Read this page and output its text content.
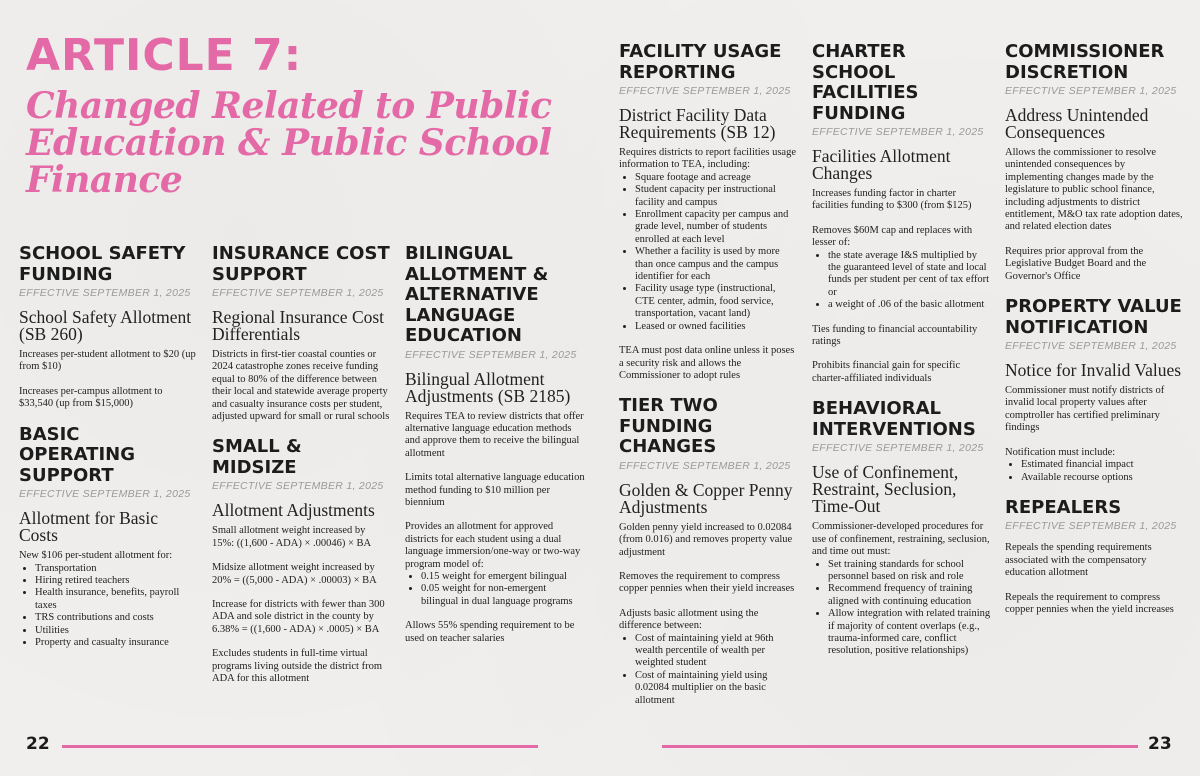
ARTICLE 7:
Changed Related to Public Education & Public School Finance
SCHOOL SAFETY FUNDING
EFFECTIVE SEPTEMBER 1, 2025
School Safety Allotment (SB 260)

Increases per-student allotment to $20 (up from $10)

Increases per-campus allotment to $33,540 (up from $15,000)

BASIC OPERATING SUPPORT
EFFECTIVE SEPTEMBER 1, 2025
Allotment for Basic Costs

New $106 per-student allotment for:

• Transportation
• Hiring retired teachers
• Health insurance, benefits, payroll taxes
• TRS contributions and costs
• Utilities
• Property and casualty insurance
INSURANCE COST SUPPORT
EFFECTIVE SEPTEMBER 1, 2025
Regional Insurance Cost Differentials

Districts in first-tier coastal counties or 2024 catastrophe zones receive funding equal to 80% of the difference between their local and statewide average property and casualty insurance costs per student, adjusted upward for small or rural schools

SMALL & MIDSIZE
EFFECTIVE SEPTEMBER 1, 2025
Allotment Adjustments

Small allotment weight increased by 15%: ((1,600 - ADA) × .00046) × BA

Midsize allotment weight increased by 20% = ((5,000 - ADA) × .00003) × BA

Increase for districts with fewer than 300 ADA and sole district in the county by 6.38% = ((1,600 - ADA) × .0005) × BA

Excludes students in full-time virtual programs living outside the district from ADA for this allotment

BILINGUAL ALLOTMENT & ALTERNATIVE LANGUAGE EDUCATION
EFFECTIVE SEPTEMBER 1, 2025
Bilingual Allotment Adjustments (SB 2185)

Requires TEA to review districts that offer alternative language education methods and approve them to receive the bilingual allotment

Limits total alternative language education method funding to $10 million per biennium

Provides an allotment for approved districts for each student using a dual language immersion/one-way or two-way program model of:

• 0.15 weight for emergent bilingual
• 0.05 weight for non-emergent bilingual in dual language programs

Allows 55% spending requirement to be used on teacher salaries

FACILITY USAGE REPORTING
EFFECTIVE SEPTEMBER 1, 2025
District Facility Data Requirements (SB 12)

Requires districts to report facilities usage information to TEA, including:

• Square footage and acreage
• Student capacity per instructional facility and campus
• Enrollment capacity per campus and grade level, number of students enrolled at each level
• Whether a facility is used by more than once campus and the campus identifier for each
• Facility usage type (instructional, CTE center, admin, food service, transportation, vacant land)
• Leased or owned facilities

TEA must post data online unless it poses a security risk and allows the Commissioner to adopt rules

TIER TWO FUNDING CHANGES
EFFECTIVE SEPTEMBER 1, 2025
Golden & Copper Penny Adjustments

Golden penny yield increased to 0.02084 (from 0.016) and removes property value adjustment

Removes the requirement to compress copper pennies when their yield increases

Adjusts basic allotment using the difference between:

• Cost of maintaining yield at 96th wealth percentile of wealth per weighted student
• Cost of maintaining yield using 0.02084 multiplier on the basic allotment
CHARTER SCHOOL FACILITIES FUNDING
EFFECTIVE SEPTEMBER 1, 2025
Facilities Allotment Changes

Increases funding factor in charter facilities funding to $300 (from $125)

Removes $60M cap and replaces with lesser of:

• the state average I&S multiplied by the guaranteed level of state and local funds per student per cent of tax effort or
• a weight of .06 of the basic allotment

Ties funding to financial accountability ratings

Prohibits financial gain for specific charter-affiliated individuals

BEHAVIORAL INTERVENTIONS
EFFECTIVE SEPTEMBER 1, 2025
Use of Confinement, Restraint, Seclusion, Time-Out

Commissioner-developed procedures for use of confinement, restraining, seclusion, and time out must:

• Set training standards for school personnel based on risk and role
• Recommend frequency of training aligned with continuing education
• Allow integration with related training if majority of content overlaps (e.g., trauma-informed care, conflict resolution, positive relationships)
COMMISSIONER DISCRETION
EFFECTIVE SEPTEMBER 1, 2025
Address Unintended Consequences

Allows the commissioner to resolve unintended consequences by implementing changes made by the legislature to public school finance, including adjustments to district entitlement, M&O tax rate adoption dates, and related election dates

Requires prior approval from the Legislative Budget Board and the Governor's Office

PROPERTY VALUE NOTIFICATION
EFFECTIVE SEPTEMBER 1, 2025
Notice for Invalid Values

Commissioner must notify districts of invalid local property values after comptroller has certified preliminary findings

Notification must include:

• Estimated financial impact
• Available recourse options
REPEALERS
EFFECTIVE SEPTEMBER 1, 2025

Repeals the spending requirements associated with the compensatory education allotment

Repeals the requirement to compress copper pennies when the yield increases

22	23
